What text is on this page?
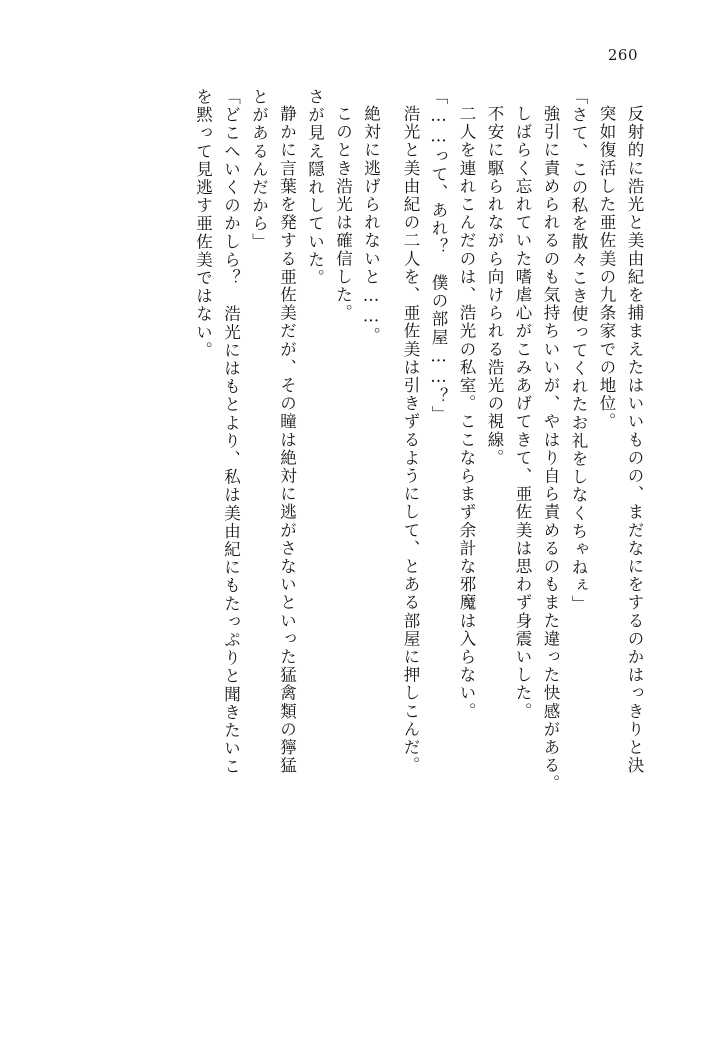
260
を黙って見逃す亜佐美ではない。 「どこへいくのかしら？　浩光にはもとより、私は美由紀にもたっぷりと聞きたいこ とがあるんだから」 静かに言葉を発する亜佐美だが、その瞳は絶対に逃がさないといった猛禽類の獰猛 さが見え隠れしていた。 このとき浩光は確信した。 絶対に逃げられないと……。 浩光と美由紀の二人を、亜佐美は引きずるようにして、とある部屋に押しこんだ。 「……って、あれ？　僕の部屋……？」 二人を連れこんだのは、浩光の私室。ここならまず余計な邪魔は入らない。 不安に駆られながら向けられる浩光の視線。 しばらく忘れていた嗜虐心がこみあげてきて、亜佐美は思わず身震いした。 強引に責められるのも気持ちいいが、やはり自ら責めるのもまた違った快感がある。 「さて、この私を散々こき使ってくれたお礼をしなくちゃねぇ」 突如復活した亜佐美の九条家での地位。 反射的に浩光と美由紀を捕まえたはいいものの、まだなにをするのかはっきりと決
